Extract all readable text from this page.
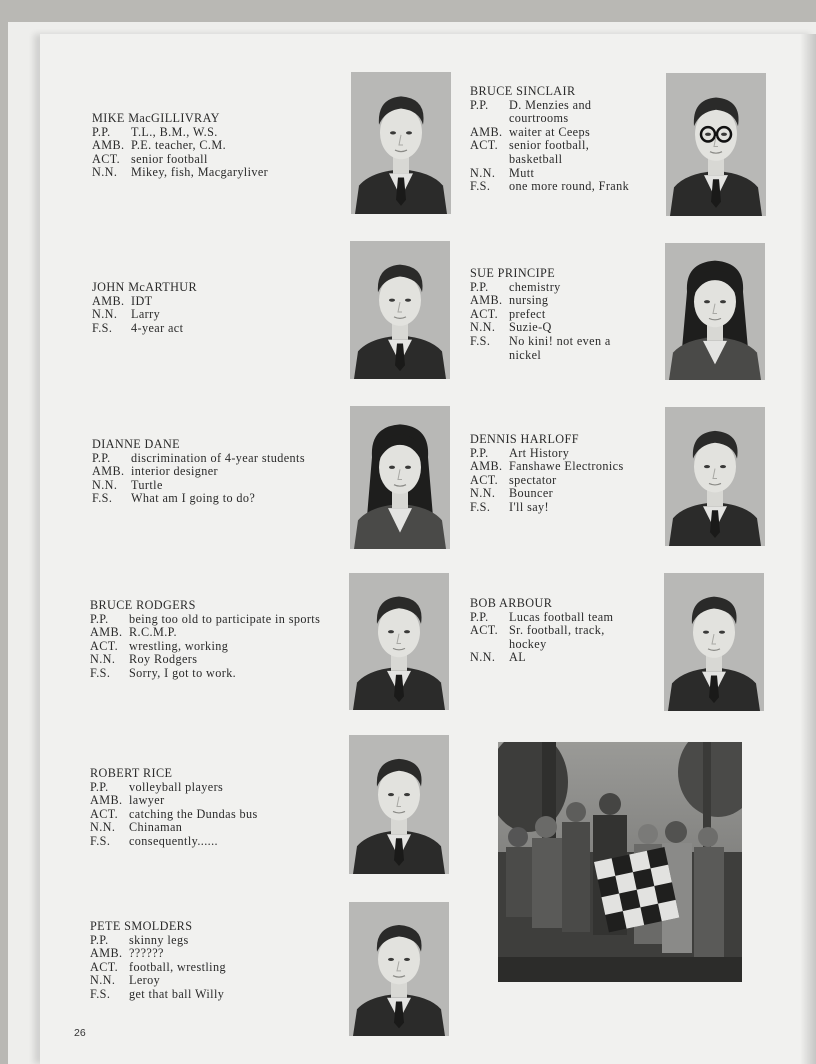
MIKE MacGILLIVRAY
P.P.	T.L., B.M., W.S.
AMB. P.E. teacher, C.M.
ACT. senior football
N.N.	Mikey, fish, Macgaryliver
JOHN McARTHUR
AMB. IDT
N.N.	Larry
F.S.	4-year act
DIANNE DANE
P.P.	discrimination of 4-year students
AMB. interior designer
N.N.	Turtle
F.S.	What am I going to do?
BRUCE RODGERS
P.P.	being too old to participate in sports
AMB. R.C.M.P.
ACT. wrestling, working
N.N.	Roy Rodgers
F.S.	Sorry, I got to work.
ROBERT RICE
P.P.	volleyball players
AMB. lawyer
ACT. catching the Dundas bus
N.N.	Chinaman
F.S.	consequently......
PETE SMOLDERS
P.P.	skinny legs
AMB. ??????
ACT. football, wrestling
N.N.	Leroy
F.S.	get that ball Willy
BRUCE SINCLAIR
P.P.	D. Menzies and courtrooms
AMB. waiter at Ceeps
ACT. senior football, basketball
N.N.	Mutt
F.S.	one more round, Frank
SUE PRINCIPE
P.P.	chemistry
AMB. nursing
ACT. prefect
N.N.	Suzie-Q
F.S.	No kini! not even a nickel
DENNIS HARLOFF
P.P.	Art History
AMB. Fanshawe Electronics
ACT. spectator
N.N.	Bouncer
F.S.	I'll say!
BOB ARBOUR
P.P.	Lucas football team
ACT. Sr. football, track, hockey
N.N.	AL
26
